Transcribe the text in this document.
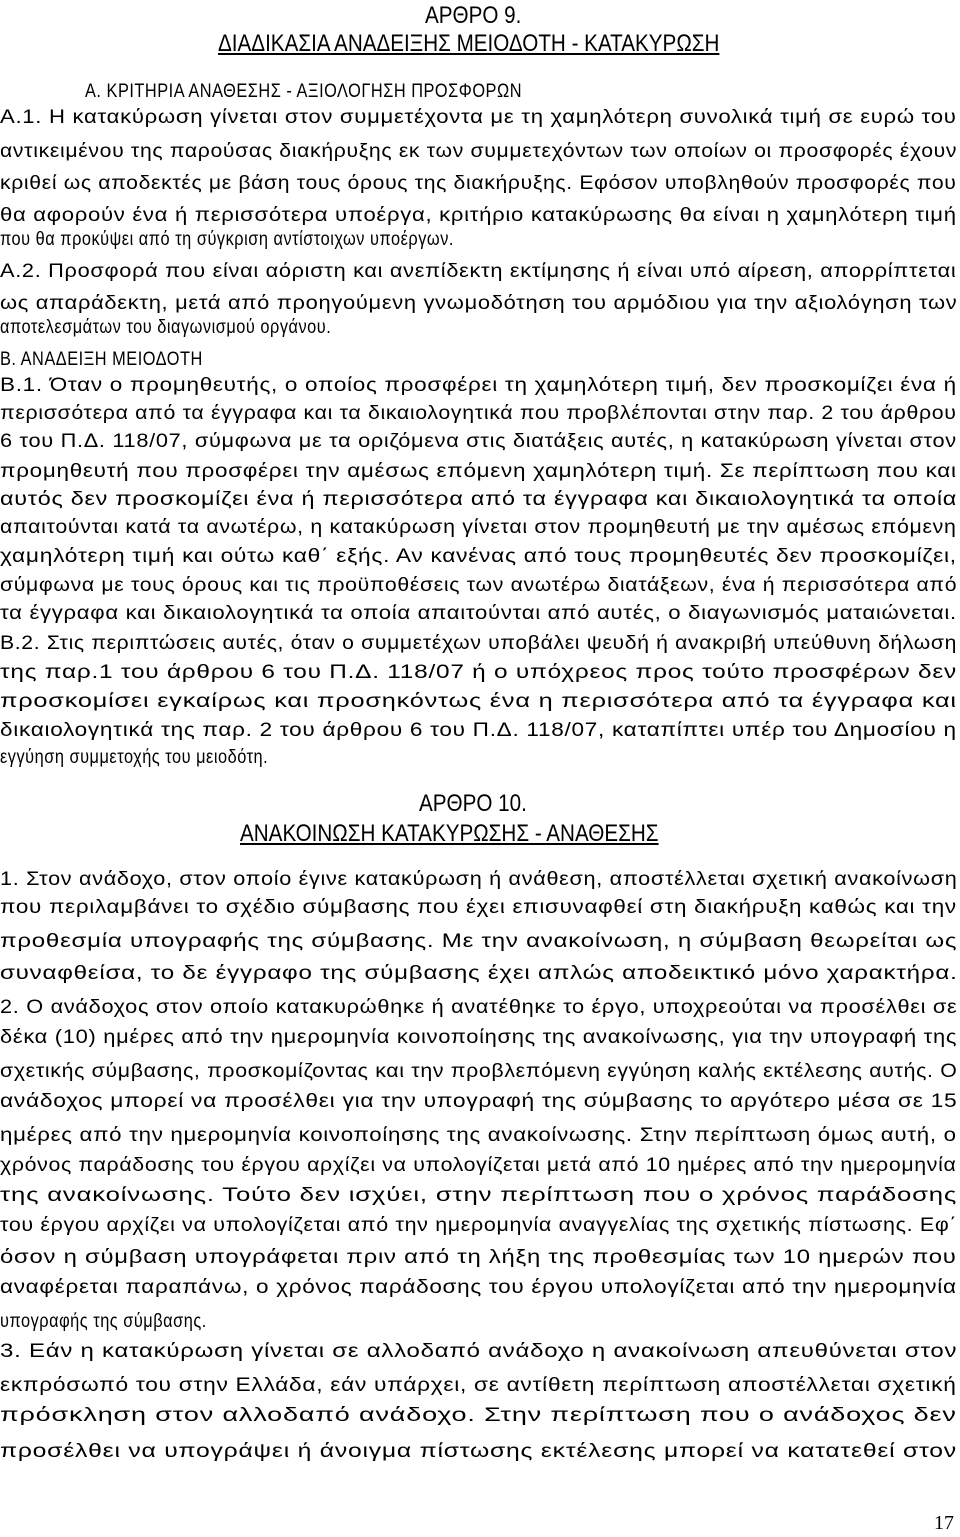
ΑΡΘΡΟ 9.
ΔΙΑΔΙΚΑΣΙΑ ΑΝΑΔΕΙΞΗΣ ΜΕΙΟΔΟΤΗ - ΚΑΤΑΚΥΡΩΣΗ
ΑΡΘΡΟ 10.
ΑΝΑΚΟΙΝΩΣΗ ΚΑΤΑΚΥΡΩΣΗΣ - ΑΝΑΘΕΣΗΣ
Α. ΚΡΙΤΗΡΙΑ ΑΝΑΘΕΣΗΣ - ΑΞΙΟΛΟΓΗΣΗ ΠΡΟΣΦΟΡΩΝ
Α.1. Η κατακύρωση γίνεται στον συμμετέχοντα με τη χαμηλότερη συνολικά τιμή σε ευρώ του
αντικειμένου της παρούσας διακήρυξης εκ των συμμετεχόντων των οποίων οι προσφορές έχουν
κριθεί ως αποδεκτές με βάση τους όρους της διακήρυξης. Εφόσον υποβληθούν προσφορές που
θα αφορούν ένα ή περισσότερα υποέργα, κριτήριο κατακύρωσης θα είναι η χαμηλότερη τιμή
που θα προκύψει από τη σύγκριση αντίστοιχων υποέργων.
Α.2. Προσφορά που είναι αόριστη και ανεπίδεκτη εκτίμησης ή είναι υπό αίρεση, απορρίπτεται
ως απαράδεκτη, μετά από προηγούμενη γνωμοδότηση του αρμόδιου για την αξιολόγηση των
αποτελεσμάτων του διαγωνισμού οργάνου.
Β. ΑΝΑΔΕΙΞΗ ΜΕΙΟΔΟΤΗ
Β.1. Όταν ο προμηθευτής, ο οποίος προσφέρει τη χαμηλότερη τιμή, δεν προσκομίζει ένα ή
περισσότερα από τα έγγραφα και τα δικαιολογητικά που προβλέπονται στην παρ. 2 του άρθρου
6 του Π.Δ. 118/07, σύμφωνα με τα οριζόμενα στις διατάξεις αυτές, η κατακύρωση γίνεται στον
προμηθευτή που προσφέρει την αμέσως επόμενη χαμηλότερη τιμή. Σε περίπτωση που και
αυτός δεν προσκομίζει ένα ή περισσότερα από τα έγγραφα και δικαιολογητικά τα οποία
απαιτούνται κατά τα ανωτέρω, η κατακύρωση γίνεται στον προμηθευτή με την αμέσως επόμενη
χαμηλότερη τιμή και ούτω καθ΄ εξής. Αν κανένας από τους προμηθευτές δεν προσκομίζει,
σύμφωνα με τους όρους και τις προϋποθέσεις των ανωτέρω διατάξεων, ένα ή περισσότερα από
τα έγγραφα και δικαιολογητικά τα οποία απαιτούνται από αυτές, ο διαγωνισμός ματαιώνεται.
Β.2. Στις περιπτώσεις αυτές, όταν ο συμμετέχων υποβάλει ψευδή ή ανακριβή υπεύθυνη δήλωση
της παρ.1 του άρθρου 6 του Π.Δ. 118/07 ή ο υπόχρεος προς τούτο προσφέρων δεν
προσκομίσει εγκαίρως και προσηκόντως ένα η περισσότερα από τα έγγραφα και
δικαιολογητικά της παρ. 2 του άρθρου 6 του Π.Δ. 118/07, καταπίπτει υπέρ του Δημοσίου η
εγγύηση συμμετοχής του μειοδότη.
1. Στον ανάδοχο, στον οποίο έγινε κατακύρωση ή ανάθεση, αποστέλλεται σχετική ανακοίνωση
που περιλαμβάνει το σχέδιο σύμβασης που έχει επισυναφθεί στη διακήρυξη καθώς και την
προθεσμία υπογραφής της σύμβασης. Με την ανακοίνωση, η σύμβαση θεωρείται ως
συναφθείσα, το δε έγγραφο της σύμβασης έχει απλώς αποδεικτικό μόνο χαρακτήρα.
2. Ο ανάδοχος στον οποίο κατακυρώθηκε ή ανατέθηκε το έργο, υποχρεούται να προσέλθει σε
δέκα (10) ημέρες από την ημερομηνία κοινοποίησης της ανακοίνωσης, για την υπογραφή της
σχετικής σύμβασης, προσκομίζοντας και την προβλεπόμενη εγγύηση καλής εκτέλεσης αυτής. Ο
ανάδοχος μπορεί να προσέλθει για την υπογραφή της σύμβασης το αργότερο μέσα σε 15
ημέρες από την ημερομηνία κοινοποίησης της ανακοίνωσης. Στην περίπτωση όμως αυτή, ο
χρόνος παράδοσης του έργου αρχίζει να υπολογίζεται μετά από 10 ημέρες από την ημερομηνία
της ανακοίνωσης. Τούτο δεν ισχύει, στην περίπτωση που ο χρόνος παράδοσης
του έργου αρχίζει να υπολογίζεται από την ημερομηνία αναγγελίας της σχετικής πίστωσης. Εφ΄
όσον η σύμβαση υπογράφεται πριν από τη λήξη της προθεσμίας των 10 ημερών που
αναφέρεται παραπάνω, ο χρόνος παράδοσης του έργου υπολογίζεται από την ημερομηνία
υπογραφής της σύμβασης.
3. Εάν η κατακύρωση γίνεται σε αλλοδαπό ανάδοχο η ανακοίνωση απευθύνεται στον
εκπρόσωπό του στην Ελλάδα, εάν υπάρχει, σε αντίθετη περίπτωση αποστέλλεται σχετική
πρόσκληση στον αλλοδαπό ανάδοχο. Στην περίπτωση που ο ανάδοχος δεν
προσέλθει να υπογράψει ή άνοιγμα πίστωσης εκτέλεσης μπορεί να κατατεθεί στον
17
